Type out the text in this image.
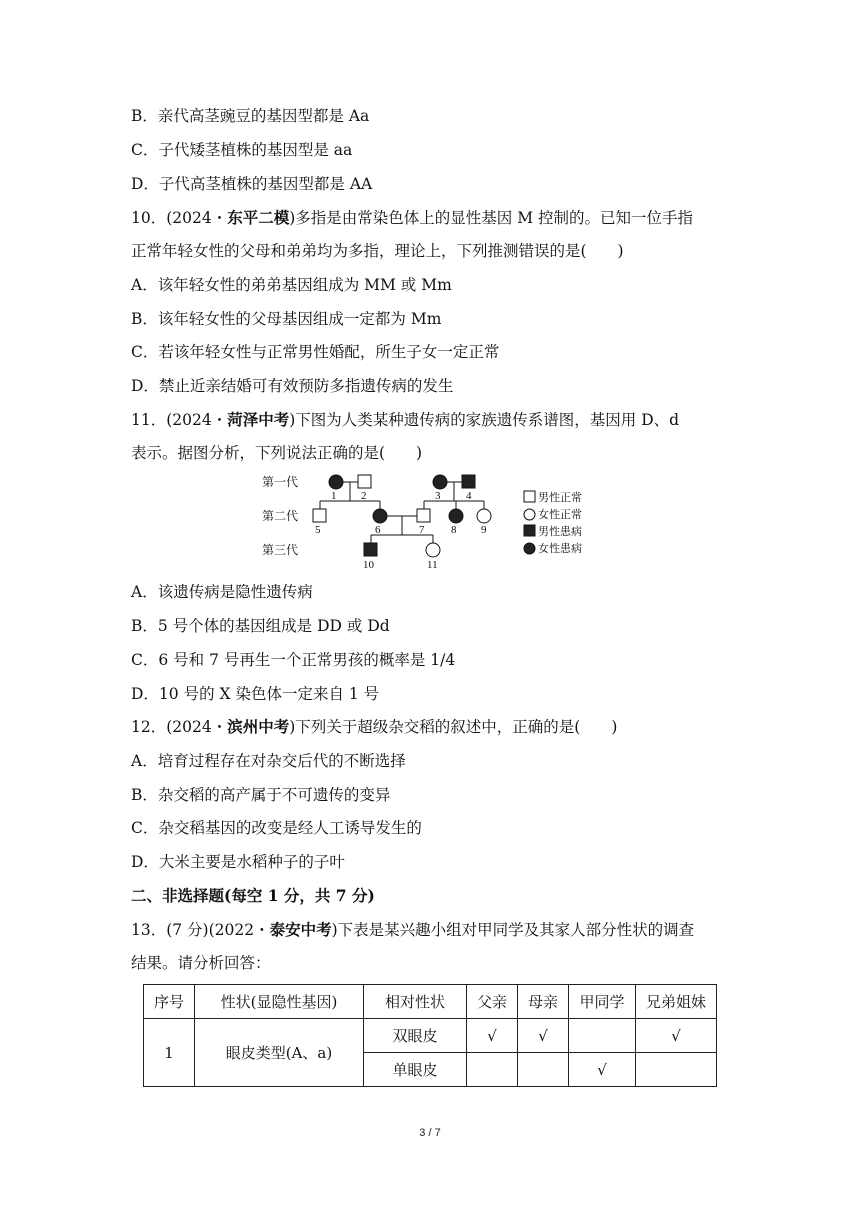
B．亲代高茎豌豆的基因型都是 Aa
C．子代矮茎植株的基因型是 aa
D．子代高茎植株的基因型都是 AA
10．(2024・东平二模)多指是由常染色体上的显性基因 M 控制的。已知一位手指
正常年轻女性的父母和弟弟均为多指，理论上，下列推测错误的是(　　)
A．该年轻女性的弟弟基因组成为 MM 或 Mm
B．该年轻女性的父母基因组成一定都为 Mm
C．若该年轻女性与正常男性婚配，所生子女一定正常
D．禁止近亲结婚可有效预防多指遗传病的发生
11．(2024・菏泽中考)下图为人类某种遗传病的家族遗传系谱图，基因用 D、d
表示。据图分析，下列说法正确的是(　　)
第一代
第二代
第三代
1 2	3 4
5	6	7 8 9
10	11
男性正常
女性正常
男性患病
女性患病
A．该遗传病是隐性遗传病
B．5 号个体的基因组成是 DD 或 Dd
C．6 号和 7 号再生一个正常男孩的概率是 1/4
D．10 号的 X 染色体一定来自 1 号
12．(2024・滨州中考)下列关于超级杂交稻的叙述中，正确的是(　　)
A．培育过程存在对杂交后代的不断选择
B．杂交稻的高产属于不可遗传的变异
C．杂交稻基因的改变是经人工诱导发生的
D．大米主要是水稻种子的子叶
二、非选择题(每空 1 分，共 7 分)
13．(7 分)(2022・泰安中考)下表是某兴趣小组对甲同学及其家人部分性状的调查
结果。请分析回答：
序号	性状(显隐性基因)	相对性状	父亲	母亲	甲同学	兄弟姐妹
1	眼皮类型(A、a)	双眼皮	√	√		√
		单眼皮			√	
3 / 7
